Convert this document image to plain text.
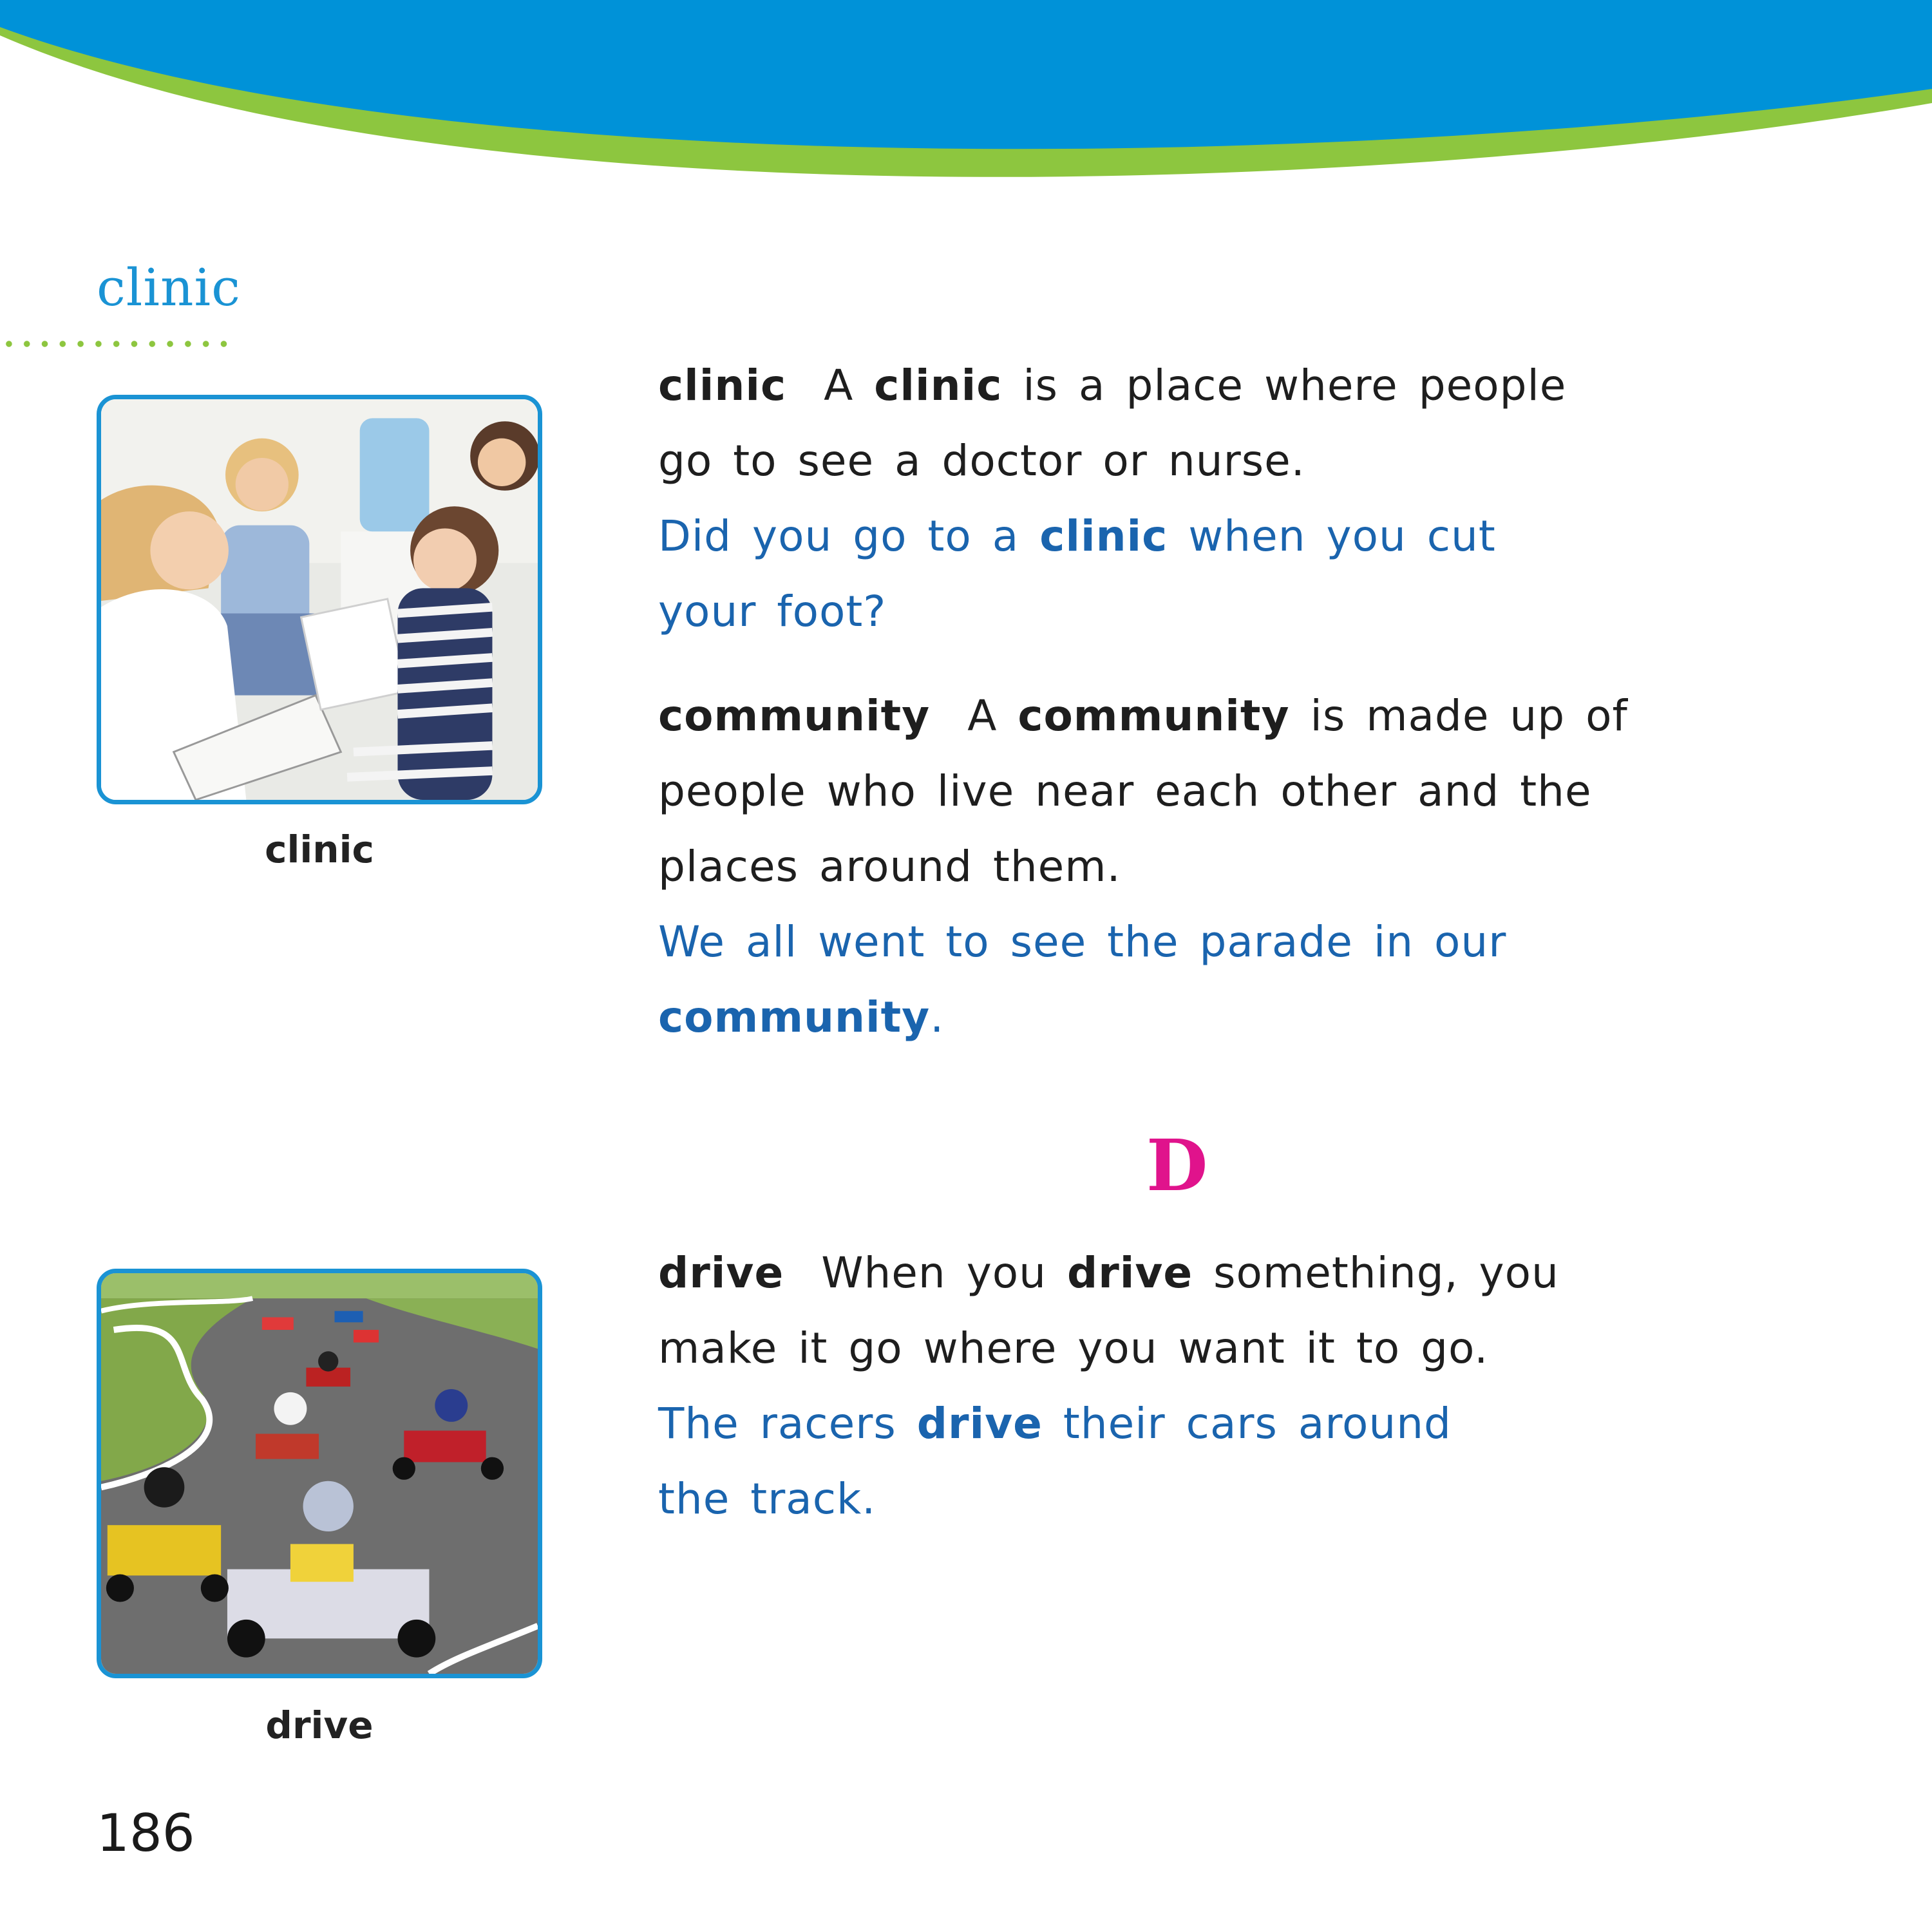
clinic
clinic
clinic A clinic is a place where people
go to see a doctor or nurse.
Did you go to a clinic when you cut
your foot?
community A community is made up of
people who live near each other and the
places around them.
We all went to see the parade in our
community.
D
drive
drive When you drive something, you
make it go where you want it to go.
The racers drive their cars around
the track.
186
